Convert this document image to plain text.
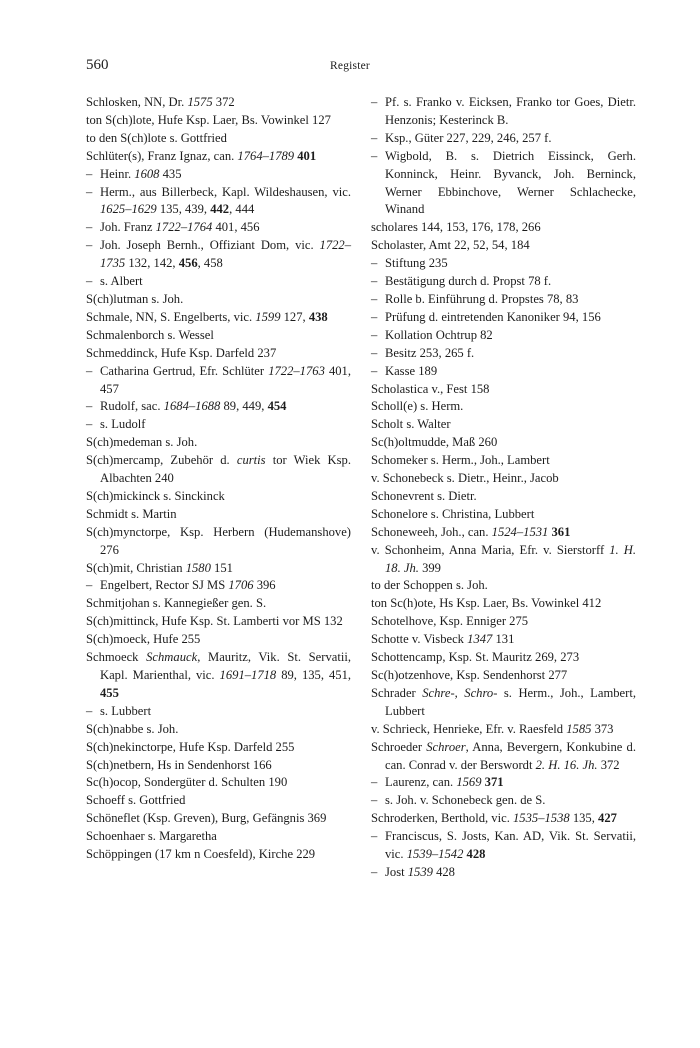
560	Register

Schlosken, NN, Dr. 1575 372

ton S(ch)lote, Hufe Ksp. Laer, Bs. Vowinkel 127

to den S(ch)lote s. Gottfried

Schlüter(s), Franz Ignaz, can. 1764–1789 401

– Heinr. 1608 435

– Herm., aus Billerbeck, Kapl. Wildeshausen, vic. 1625–1629 135, 439, 442, 444

– Joh. Franz 1722–1764 401, 456

– Joh. Joseph Bernh., Offiziant Dom, vic. 1722–1735 132, 142, 456, 458

– s. Albert

S(ch)lutman s. Joh.

Schmale, NN, S. Engelberts, vic. 1599 127, 438

Schmalenborch s. Wessel

Schmeddinck, Hufe Ksp. Darfeld 237

– Catharina Gertrud, Efr. Schlüter 1722–1763 401, 457

– Rudolf, sac. 1684–1688 89, 449, 454

– s. Ludolf

S(ch)medeman s. Joh.

S(ch)mercamp, Zubehör d. curtis tor Wiek Ksp. Albachten 240

S(ch)mickinck s. Sinckinck

Schmidt s. Martin

S(ch)mynctorpe, Ksp. Herbern (Hudemanshove) 276

S(ch)mit, Christian 1580 151

– Engelbert, Rector SJ MS 1706 396

Schmitjohan s. Kannegießer gen. S.

S(ch)mittinck, Hufe Ksp. St. Lamberti vor MS 132

S(ch)moeck, Hufe 255

Schmoeck Schmauck, Mauritz, Vik. St. Servatii, Kapl. Marienthal, vic. 1691–1718 89, 135, 451, 455

– s. Lubbert

S(ch)nabbe s. Joh.

S(ch)nekinctorpe, Hufe Ksp. Darfeld 255

S(ch)netbern, Hs in Sendenhorst 166

Sc(h)ocop, Sondergüter d. Schulten 190

Schoeff s. Gottfried

Schöneflet (Ksp. Greven), Burg, Gefängnis 369

Schoenhaer s. Margaretha

Schöppingen (17 km n Coesfeld), Kirche 229

– Pf. s. Franko v. Eicksen, Franko tor Goes, Dietr. Henzonis; Kesterinck B.

– Ksp., Güter 227, 229, 246, 257 f.

– Wigbold, B. s. Dietrich Eissinck, Gerh. Konninck, Heinr. Byvanck, Joh. Berninck, Werner Ebbinchove, Werner Schlachecke, Winand

scholares 144, 153, 176, 178, 266

Scholaster, Amt 22, 52, 54, 184

– Stiftung 235

– Bestätigung durch d. Propst 78 f.

– Rolle b. Einführung d. Propstes 78, 83

– Prüfung d. eintretenden Kanoniker 94, 156

– Kollation Ochtrup 82

– Besitz 253, 265 f.

– Kasse 189

Scholastica v., Fest 158

Scholl(e) s. Herm.

Scholt s. Walter

Sc(h)oltmudde, Maß 260

Schomeker s. Herm., Joh., Lambert

v. Schonebeck s. Dietr., Heinr., Jacob

Schonevrent s. Dietr.

Schonelore s. Christina, Lubbert

Schoneweeh, Joh., can. 1524–1531 361

v. Schonheim, Anna Maria, Efr. v. Sierstorff 1. H. 18. Jh. 399

to der Schoppen s. Joh.

ton Sc(h)ote, Hs Ksp. Laer, Bs. Vowinkel 412

Schotelhove, Ksp. Enniger 275

Schotte v. Visbeck 1347 131

Schottencamp, Ksp. St. Mauritz 269, 273

Sc(h)otzenhove, Ksp. Sendenhorst 277

Schrader Schre-, Schro- s. Herm., Joh., Lambert, Lubbert

v. Schrieck, Henrieke, Efr. v. Raesfeld 1585 373

Schroeder Schroer, Anna, Bevergern, Konkubine d. can. Conrad v. der Berswordt 2. H. 16. Jh. 372

– Laurenz, can. 1569 371

– s. Joh. v. Schonebeck gen. de S.

Schroderken, Berthold, vic. 1535–1538 135, 427

– Franciscus, S. Josts, Kan. AD, Vik. St. Servatii, vic. 1539–1542 428

– Jost 1539 428
